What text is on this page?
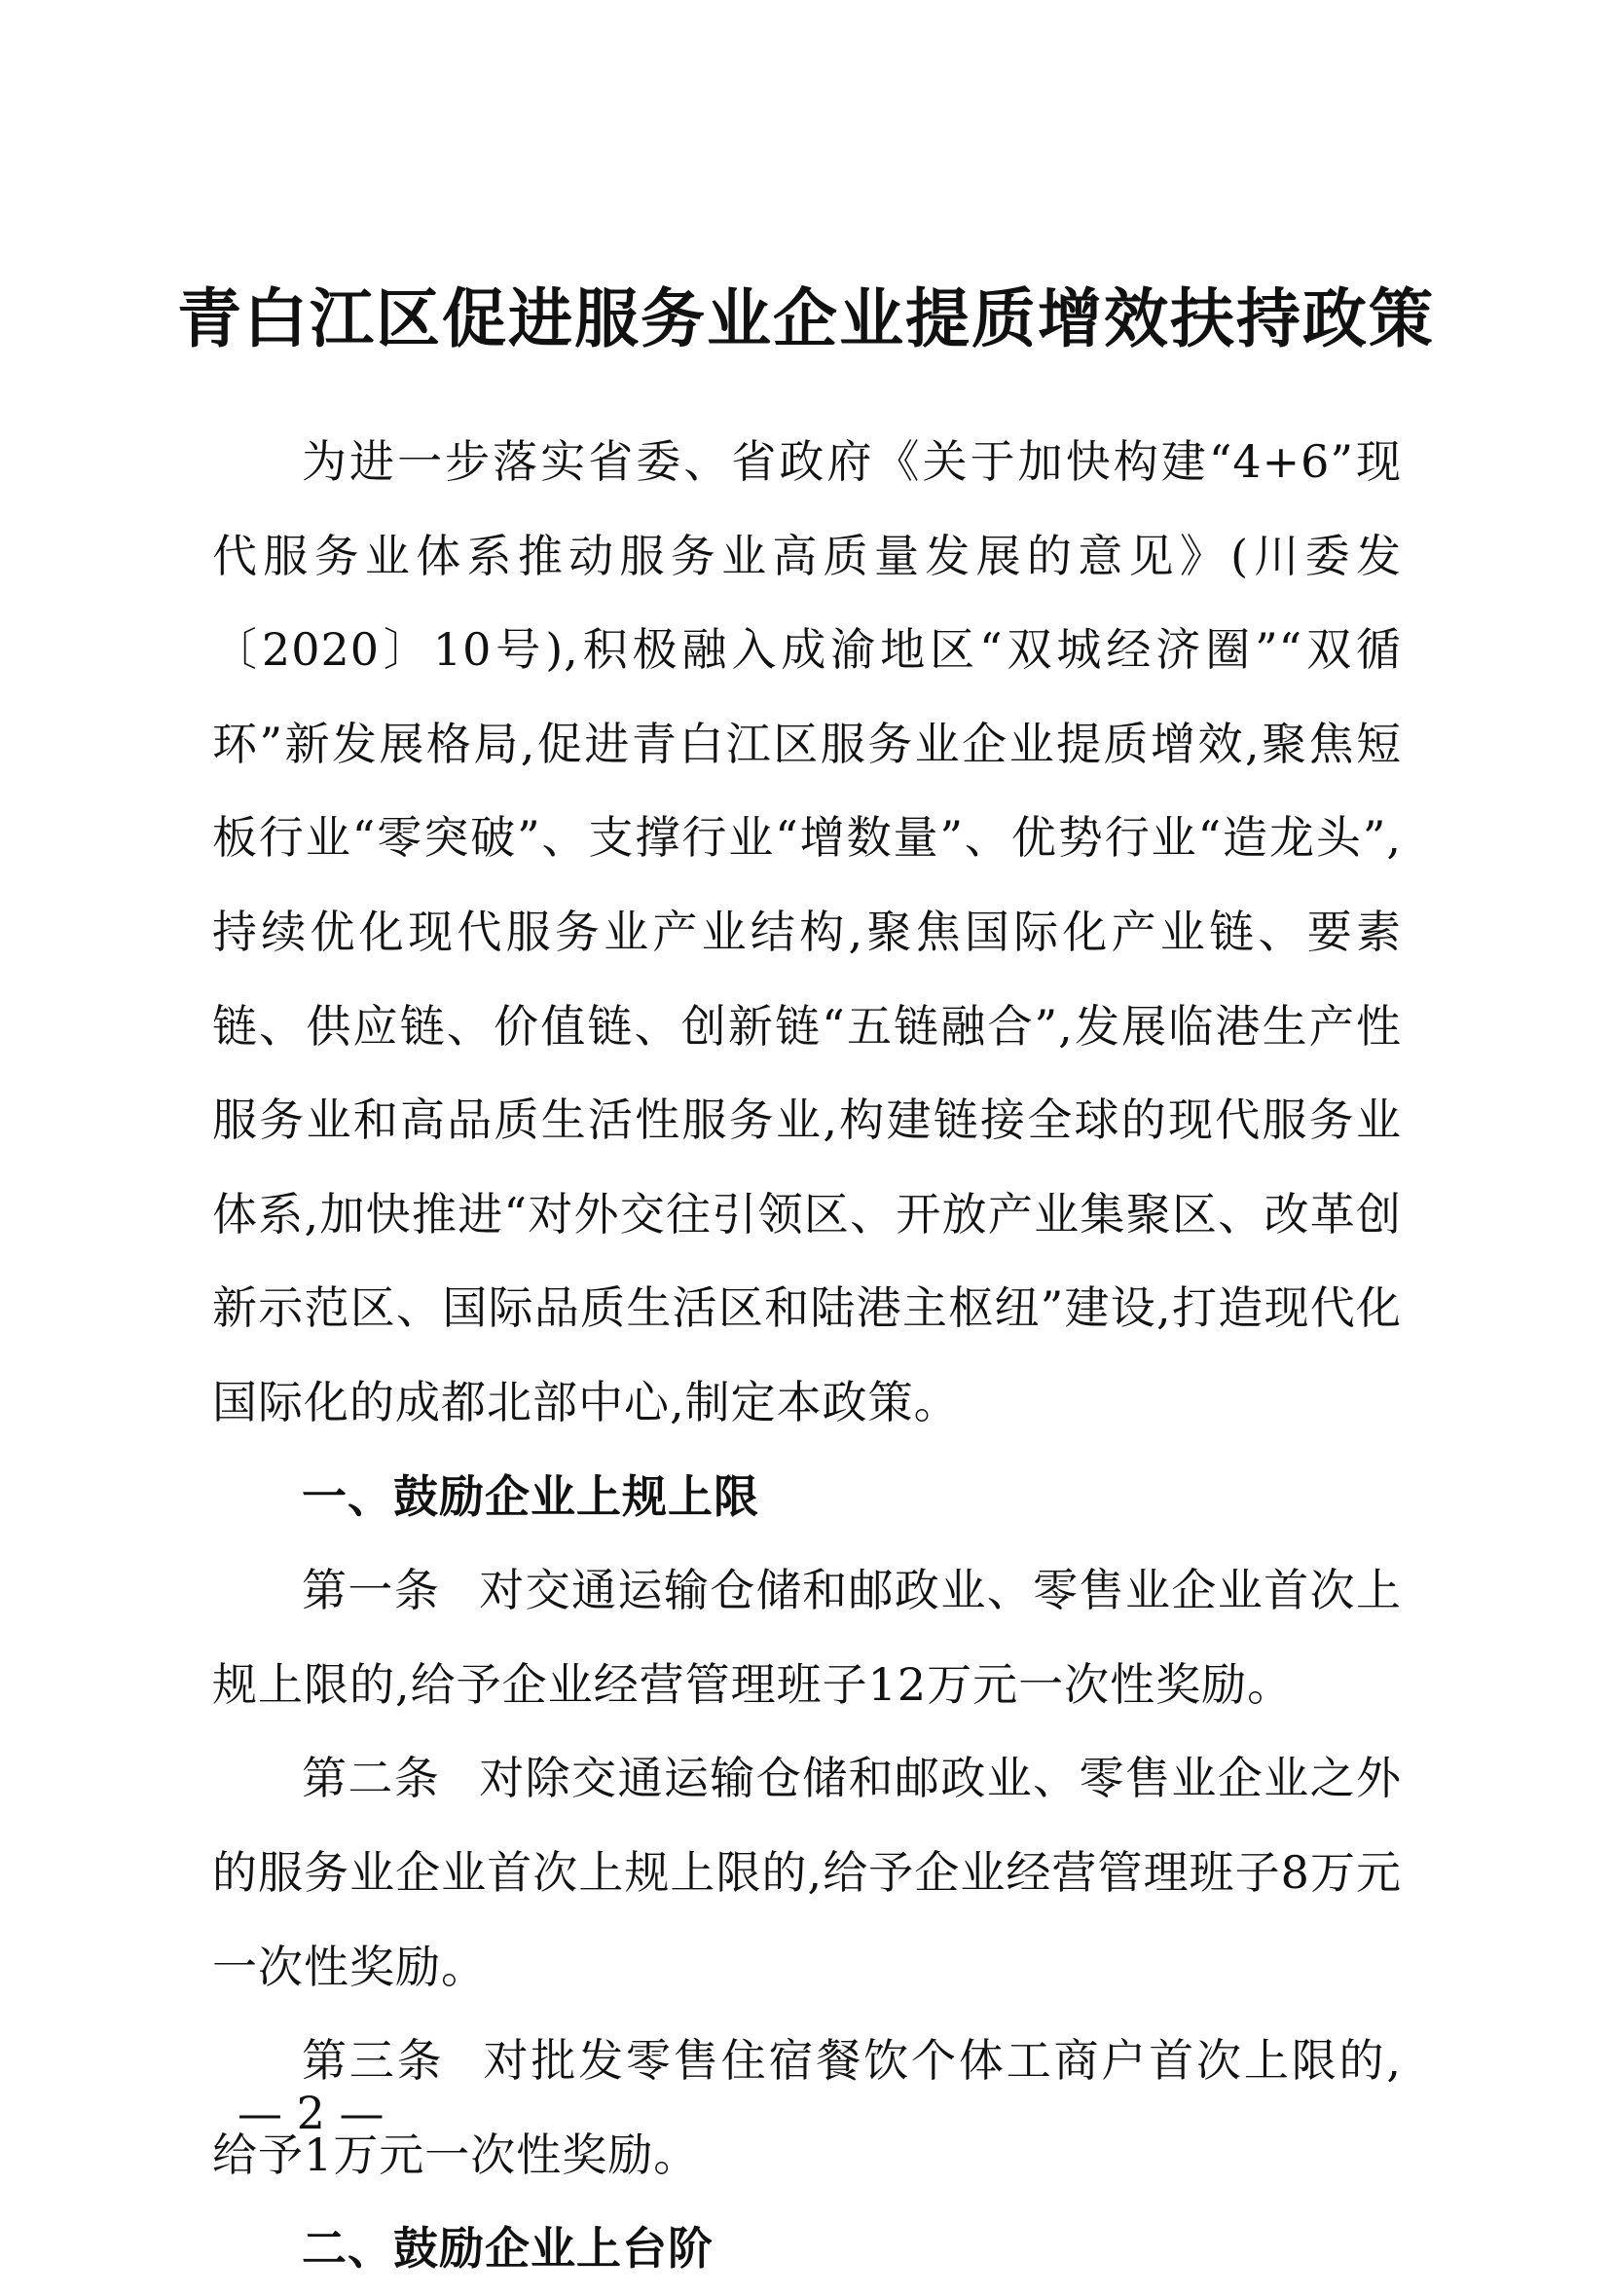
青白江区促进服务业企业提质增效扶持政策

为进一步落实省委、省政府《关于加快构建“4+6”现代服务业体系推动服务业高质量发展的意见》(川委发〔2020〕10号),积极融入成渝地区“双城经济圈”“双循环”新发展格局,促进青白江区服务业企业提质增效,聚焦短板行业“零突破”、支撑行业“增数量”、优势行业“造龙头”,持续优化现代服务业产业结构,聚焦国际化产业链、要素链、供应链、价值链、创新链“五链融合”,发展临港生产性服务业和高品质生活性服务业,构建链接全球的现代服务业体系,加快推进“对外交往引领区、开放产业集聚区、改革创新示范区、国际品质生活区和陆港主枢纽”建设,打造现代化国际化的成都北部中心,制定本政策。

一、鼓励企业上规上限

第一条 对交通运输仓储和邮政业、零售业企业首次上规上限的,给予企业经营管理班子12万元一次性奖励。

第二条 对除交通运输仓储和邮政业、零售业企业之外的服务业企业首次上规上限的,给予企业经营管理班子8万元一次性奖励。

第三条 对批发零售住宿餐饮个体工商户首次上限的,给予1万元一次性奖励。

二、鼓励企业上台阶

— 2 —
